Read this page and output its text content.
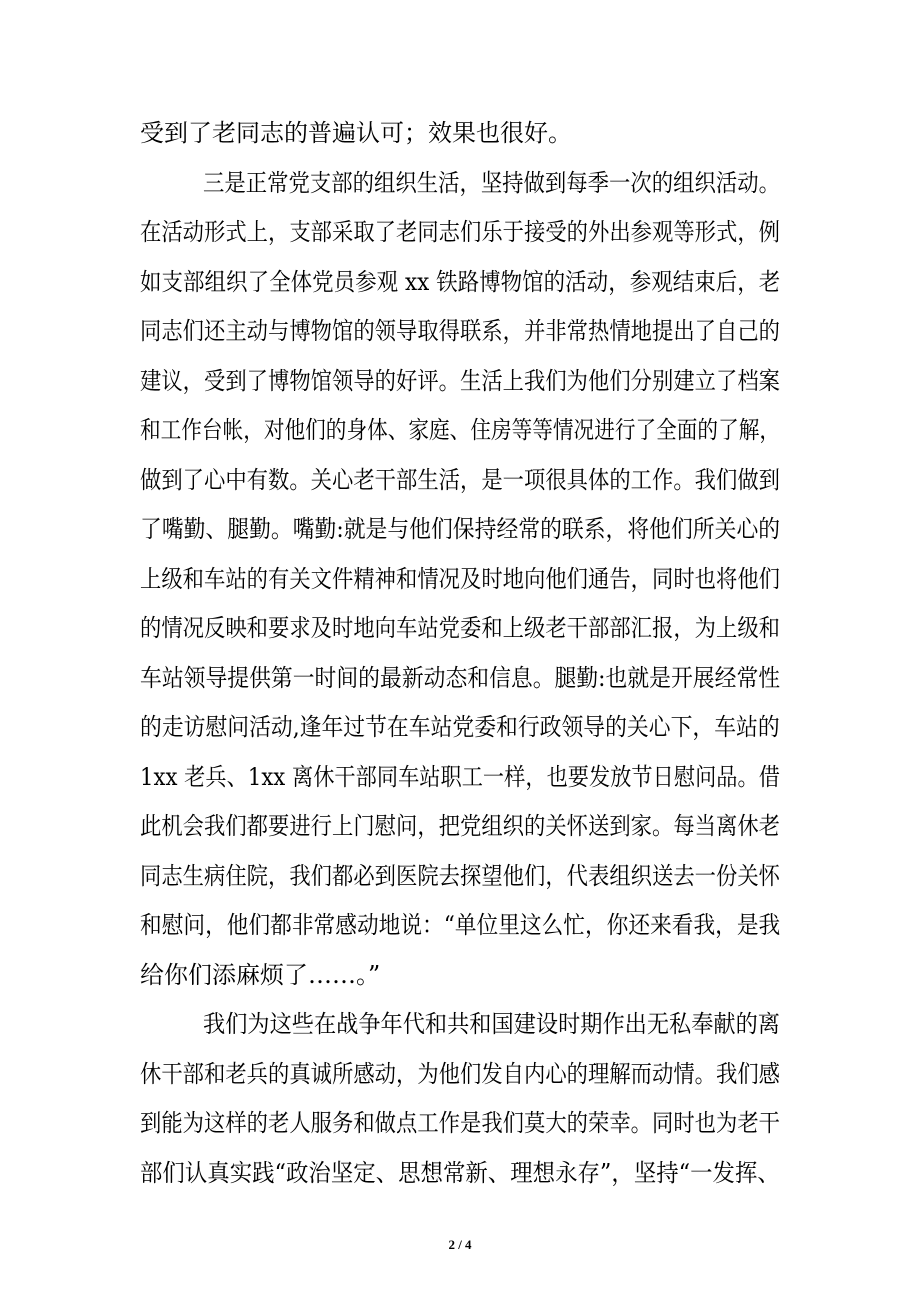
受到了老同志的普遍认可；效果也很好。
三是正常党支部的组织生活，坚持做到每季一次的组织活动。
在活动形式上，支部采取了老同志们乐于接受的外出参观等形式，例
如支部组织了全体党员参观 xx 铁路博物馆的活动，参观结束后，老
同志们还主动与博物馆的领导取得联系，并非常热情地提出了自己的
建议，受到了博物馆领导的好评。生活上我们为他们分别建立了档案
和工作台帐，对他们的身体、家庭、住房等等情况进行了全面的了解，
做到了心中有数。关心老干部生活，是一项很具体的工作。我们做到
了嘴勤、腿勤。嘴勤:就是与他们保持经常的联系，将他们所关心的
上级和车站的有关文件精神和情况及时地向他们通告，同时也将他们
的情况反映和要求及时地向车站党委和上级老干部部汇报，为上级和
车站领导提供第一时间的最新动态和信息。腿勤:也就是开展经常性
的走访慰问活动,逢年过节在车站党委和行政领导的关心下，车站的
1xx 老兵、1xx 离休干部同车站职工一样，也要发放节日慰问品。借
此机会我们都要进行上门慰问，把党组织的关怀送到家。每当离休老
同志生病住院，我们都必到医院去探望他们，代表组织送去一份关怀
和慰问，他们都非常感动地说：“单位里这么忙，你还来看我，是我
给你们添麻烦了……。”
我们为这些在战争年代和共和国建设时期作出无私奉献的离
休干部和老兵的真诚所感动，为他们发自内心的理解而动情。我们感
到能为这样的老人服务和做点工作是我们莫大的荣幸。同时也为老干
部们认真实践“政治坚定、思想常新、理想永存”，坚持“一发挥、
2 / 4
